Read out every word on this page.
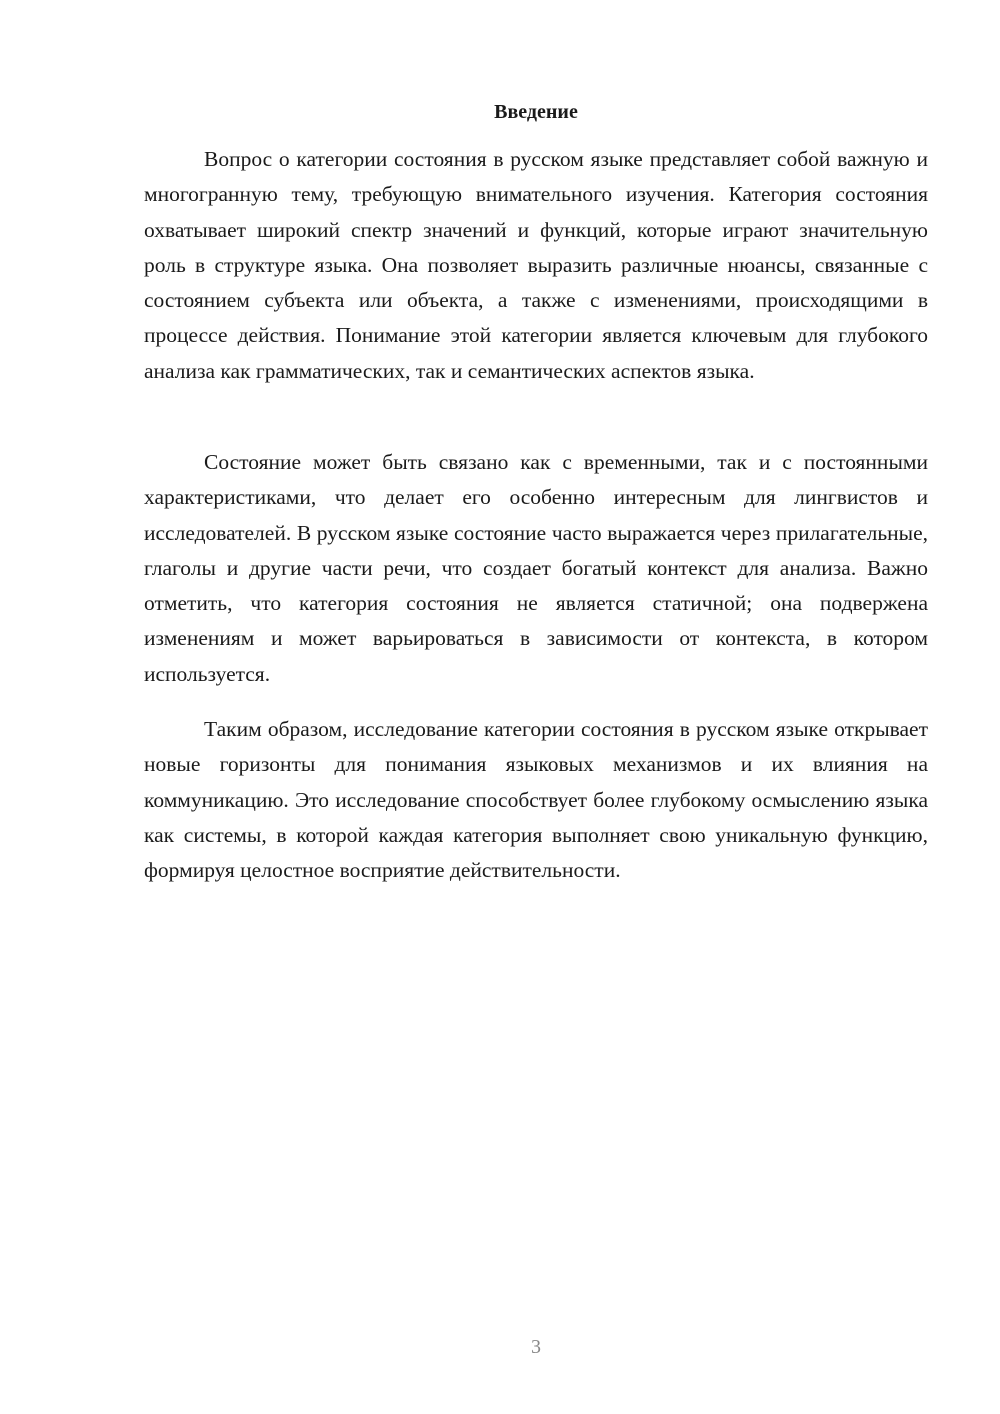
Введение

Вопрос о категории состояния в русском языке представляет собой важную и многогранную тему, требующую внимательного изучения. Категория состояния охватывает широкий спектр значений и функций, которые играют значительную роль в структуре языка. Она позволяет выразить различные нюансы, связанные с состоянием субъекта или объекта, а также с изменениями, происходящими в процессе действия. Понимание этой категории является ключевым для глубокого анализа как грамматических, так и семантических аспектов языка.

Состояние может быть связано как с временными, так и с постоянными характеристиками, что делает его особенно интересным для лингвистов и исследователей. В русском языке состояние часто выражается через прилагательные, глаголы и другие части речи, что создает богатый контекст для анализа. Важно отметить, что категория состояния не является статичной; она подвержена изменениям и может варьироваться в зависимости от контекста, в котором используется.

Таким образом, исследование категории состояния в русском языке открывает новые горизонты для понимания языковых механизмов и их влияния на коммуникацию. Это исследование способствует более глубокому осмыслению языка как системы, в которой каждая категория выполняет свою уникальную функцию, формируя целостное восприятие действительности.

3
